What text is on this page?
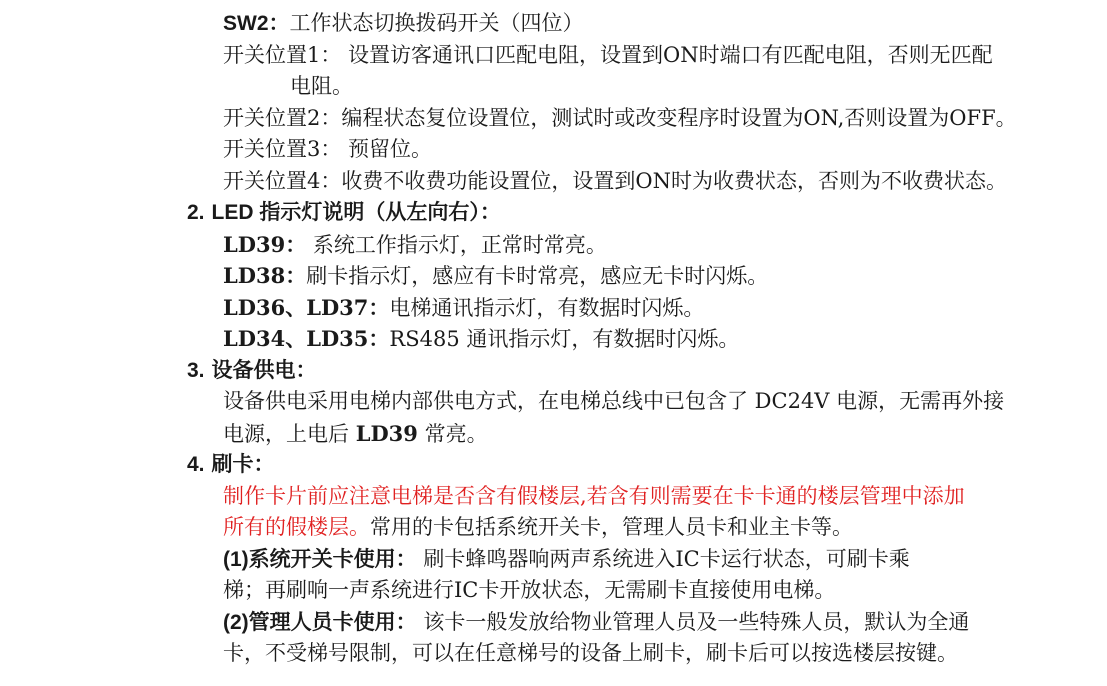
SW2：工作状态切换拨码开关（四位）
开关位置1： 设置访客通讯口匹配电阻，设置到ON时端口有匹配电阻，否则无匹配
电阻。
开关位置2：编程状态复位设置位，测试时或改变程序时设置为ON,否则设置为OFF。
开关位置3： 预留位。
开关位置4：收费不收费功能设置位，设置到ON时为收费状态，否则为不收费状态。
2. LED 指示灯说明（从左向右）：
LD39： 系统工作指示灯，正常时常亮。
LD38：刷卡指示灯，感应有卡时常亮，感应无卡时闪烁。
LD36、LD37：电梯通讯指示灯，有数据时闪烁。
LD34、LD35：RS485 通讯指示灯，有数据时闪烁。
3. 设备供电：
设备供电采用电梯内部供电方式，在电梯总线中已包含了 DC24V 电源，无需再外接
电源，上电后 LD39 常亮。
4. 刷卡：
制作卡片前应注意电梯是否含有假楼层,若含有则需要在卡卡通的楼层管理中添加
所有的假楼层。常用的卡包括系统开关卡，管理人员卡和业主卡等。
(1)系统开关卡使用： 刷卡蜂鸣器响两声系统进入IC卡运行状态，可刷卡乘
梯；再刷响一声系统进行IC卡开放状态，无需刷卡直接使用电梯。
(2)管理人员卡使用： 该卡一般发放给物业管理人员及一些特殊人员，默认为全通
卡，不受梯号限制，可以在任意梯号的设备上刷卡，刷卡后可以按选楼层按键。
